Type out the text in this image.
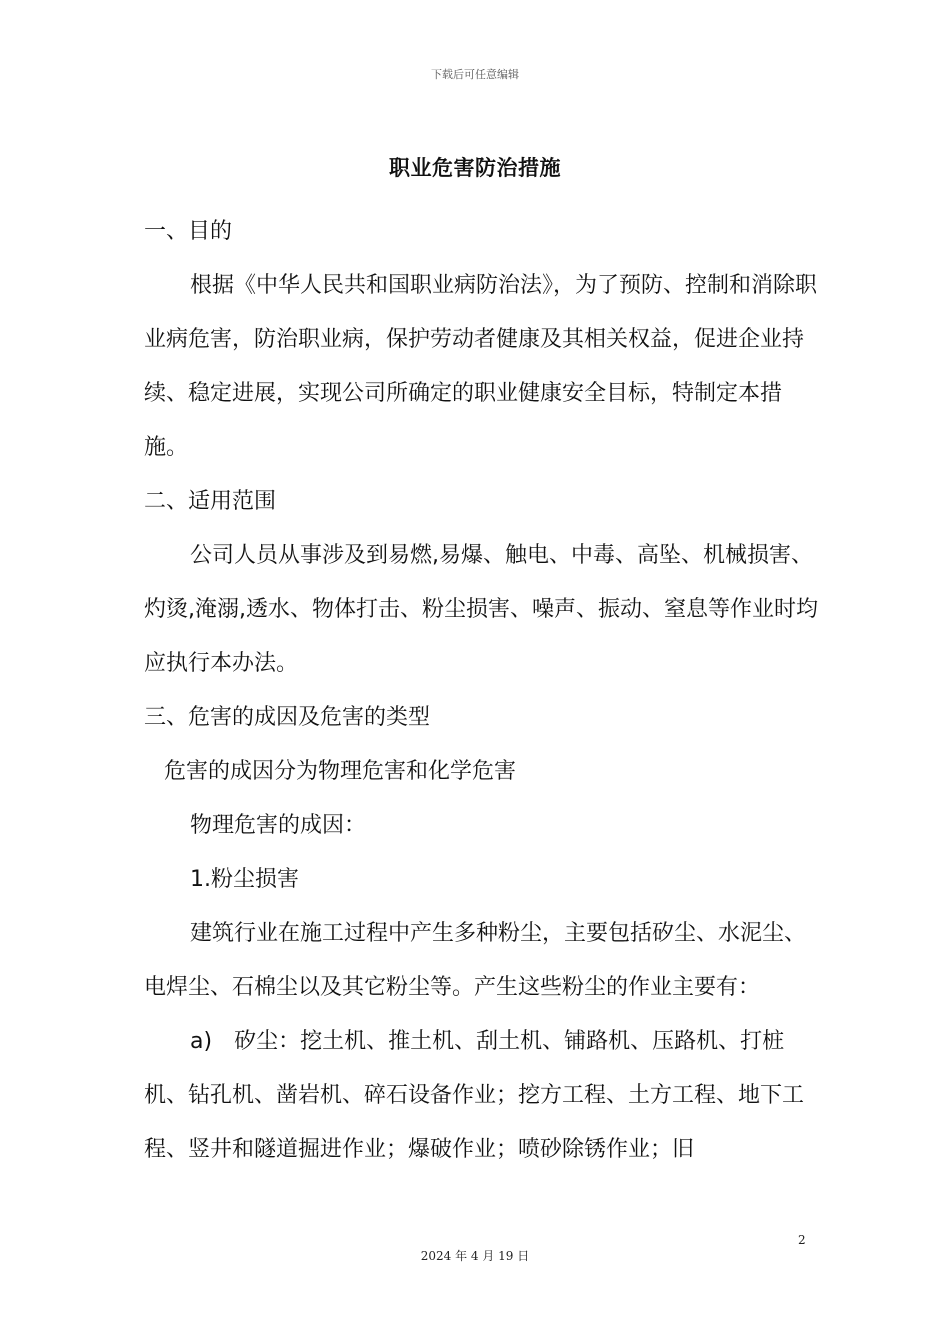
下载后可任意编辑
职业危害防治措施

一、目的

根据《中华人民共和国职业病防治法》，为了预防、控制和消除职业病危害，防治职业病，保护劳动者健康及其相关权益，促进企业持续、稳定进展，实现公司所确定的职业健康安全目标，特制定本措施。

二、适用范围

公司人员从事涉及到易燃,易爆、触电、中毒、高坠、机械损害、灼烫,淹溺,透水、物体打击、粉尘损害、噪声、振动、窒息等作业时均应执行本办法。

三、危害的成因及危害的类型

危害的成因分为物理危害和化学危害

物理危害的成因：

1.粉尘损害

建筑行业在施工过程中产生多种粉尘，主要包括矽尘、水泥尘、电焊尘、石棉尘以及其它粉尘等。产生这些粉尘的作业主要有：

a)　矽尘：挖土机、推土机、刮土机、铺路机、压路机、打桩机、钻孔机、凿岩机、碎石设备作业；挖方工程、土方工程、地下工程、竖井和隧道掘进作业；爆破作业；喷砂除锈作业；旧

2
2024 年 4 月 19 日
